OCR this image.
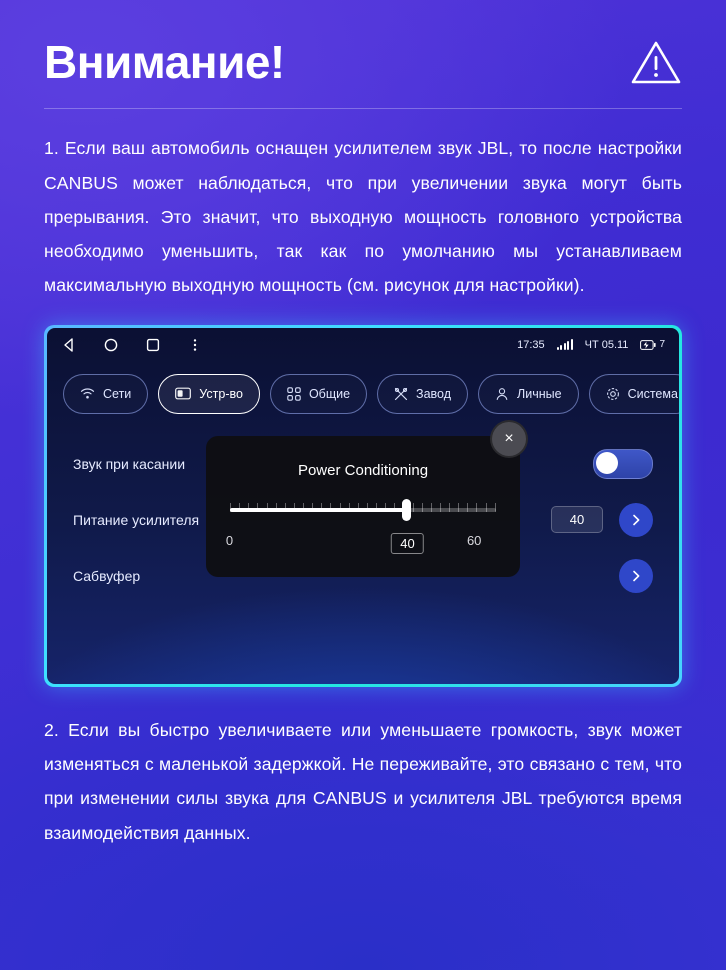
Внимание!

1. Если ваш автомобиль оснащен усилителем звук JBL, то после настройки CANBUS может наблюдаться, что при увеличении звука могут быть прерывания. Это значит, что выходную мощность головного устройства необходимо уменьшить, так как по умолчанию мы устанавливаем максимальную выходную мощность (см. рисунок для настройки).

17:35	ЧТ 05.11	7
Сети	Устр-во	Общие	Завод	Личные	Система
Звук при касании
Питание усилителя	40
Сабвуфер
×
Power Conditioning
0	40	60

2. Если вы быстро увеличиваете или уменьшаете громкость, звук может изменяться с маленькой задержкой. Не переживайте, это связано с тем, что при изменении силы звука для CANBUS и усилителя JBL требуются время взаимодействия данных.
